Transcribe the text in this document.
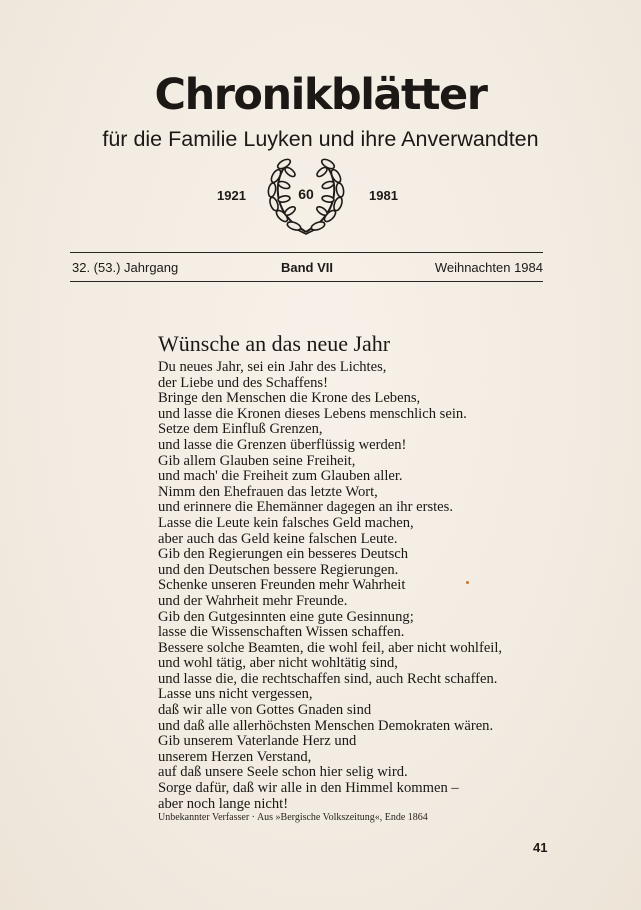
Chronikblätter
für die Familie Luyken und ihre Anverwandten
1921	60	1981
32. (53.) Jahrgang	Band VII	Weihnachten 1984
Wünsche an das neue Jahr
Du neues Jahr, sei ein Jahr des Lichtes,
der Liebe und des Schaffens!
Bringe den Menschen die Krone des Lebens,
und lasse die Kronen dieses Lebens menschlich sein.
Setze dem Einfluß Grenzen,
und lasse die Grenzen überflüssig werden!
Gib allem Glauben seine Freiheit,
und mach' die Freiheit zum Glauben aller.
Nimm den Ehefrauen das letzte Wort,
und erinnere die Ehemänner dagegen an ihr erstes.
Lasse die Leute kein falsches Geld machen,
aber auch das Geld keine falschen Leute.
Gib den Regierungen ein besseres Deutsch
und den Deutschen bessere Regierungen.
Schenke unseren Freunden mehr Wahrheit
und der Wahrheit mehr Freunde.
Gib den Gutgesinnten eine gute Gesinnung;
lasse die Wissenschaften Wissen schaffen.
Bessere solche Beamten, die wohl feil, aber nicht wohlfeil,
und wohl tätig, aber nicht wohltätig sind,
und lasse die, die rechtschaffen sind, auch Recht schaffen.
Lasse uns nicht vergessen,
daß wir alle von Gottes Gnaden sind
und daß alle allerhöchsten Menschen Demokraten wären.
Gib unserem Vaterlande Herz und
unserem Herzen Verstand,
auf daß unsere Seele schon hier selig wird.
Sorge dafür, daß wir alle in den Himmel kommen –
aber noch lange nicht!
Unbekannter Verfasser · Aus »Bergische Volkszeitung«, Ende 1864
41
